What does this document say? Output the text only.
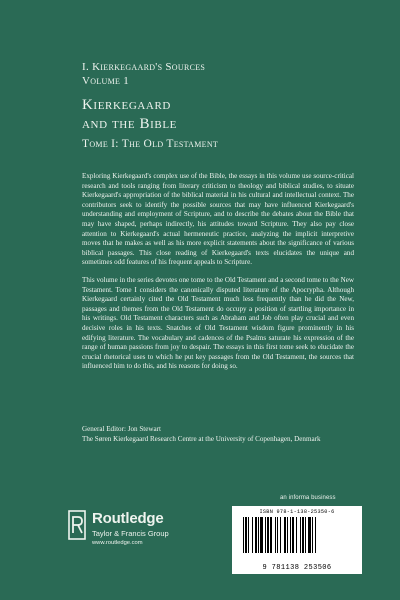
I. Kierkegaard's Sources
Volume 1
Kierkegaard
and the Bible
Tome I: The Old Testament

Exploring Kierkegaard's complex use of the Bible, the essays in this volume use source-critical research and tools ranging from literary criticism to theology and biblical studies, to situate Kierkegaard's appropriation of the biblical material in his cultural and intellectual context. The contributors seek to identify the possible sources that may have influenced Kierkegaard's understanding and employment of Scripture, and to describe the debates about the Bible that may have shaped, perhaps indirectly, his attitudes toward Scripture. They also pay close attention to Kierkegaard's actual hermeneutic practice, analyzing the implicit interpretive moves that he makes as well as his more explicit statements about the significance of various biblical passages. This close reading of Kierkegaard's texts elucidates the unique and sometimes odd features of his frequent appeals to Scripture.

This volume in the series devotes one tome to the Old Testament and a second tome to the New Testament. Tome I considers the canonically disputed literature of the Apocrypha. Although Kierkegaard certainly cited the Old Testament much less frequently than he did the New, passages and themes from the Old Testament do occupy a position of startling importance in his writings. Old Testament characters such as Abraham and Job often play crucial and even decisive roles in his texts. Snatches of Old Testament wisdom figure prominently in his edifying literature. The vocabulary and cadences of the Psalms saturate his expression of the range of human passions from joy to despair. The essays in this first tome seek to elucidate the crucial rhetorical uses to which he put key passages from the Old Testament, the sources that influenced him to do this, and his reasons for doing so.

General Editor: Jon Stewart
The Søren Kierkegaard Research Centre at the University of Copenhagen, Denmark
Routledge
Taylor & Francis Group
www.routledge.com
an informa business
ISBN 978-1-138-25350-6
9 781138 253506
